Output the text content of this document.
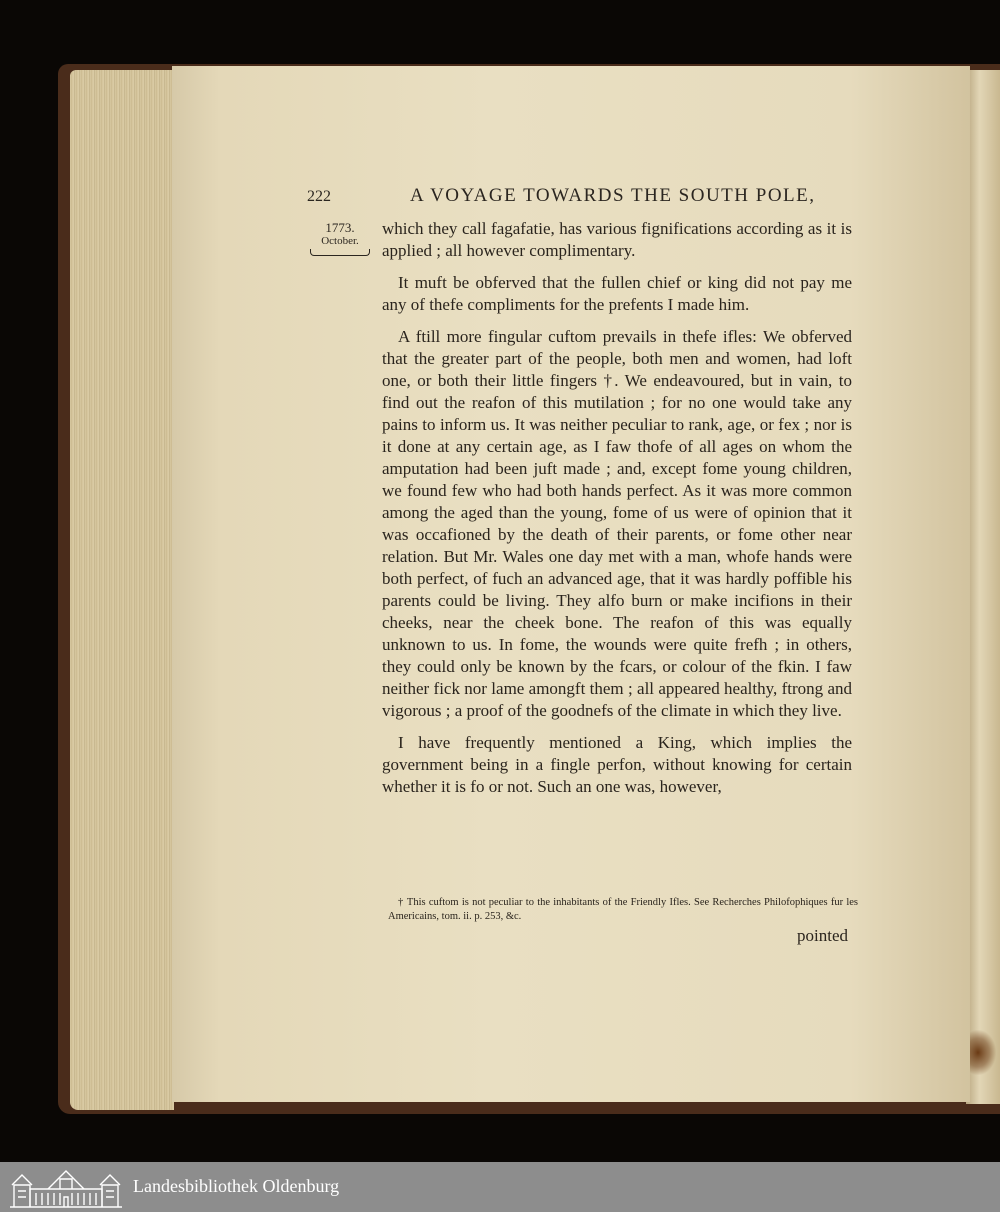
222	A VOYAGE TOWARDS THE SOUTH POLE,
1773.
October.

which they call fagafatie, has various fignifications according as it is applied ; all however complimentary.

It muft be obferved that the fullen chief or king did not pay me any of thefe compliments for the prefents I made him.

A ftill more fingular cuftom prevails in thefe ifles: We obferved that the greater part of the people, both men and women, had loft one, or both their little fingers †. We endeavoured, but in vain, to find out the reafon of this mutilation ; for no one would take any pains to inform us. It was neither peculiar to rank, age, or fex ; nor is it done at any certain age, as I faw thofe of all ages on whom the amputation had been juft made ; and, except fome young children, we found few who had both hands perfect. As it was more common among the aged than the young, fome of us were of opinion that it was occafioned by the death of their parents, or fome other near relation. But Mr. Wales one day met with a man, whofe hands were both perfect, of fuch an advanced age, that it was hardly poffible his parents could be living. They alfo burn or make incifions in their cheeks, near the cheek bone. The reafon of this was equally unknown to us. In fome, the wounds were quite frefh ; in others, they could only be known by the fcars, or colour of the fkin. I faw neither fick nor lame amongft them ; all appeared healthy, ftrong and vigorous ; a proof of the goodnefs of the climate in which they live.

I have frequently mentioned a King, which implies the government being in a fingle perfon, without knowing for certain whether it is fo or not. Such an one was, however,

† This cuftom is not peculiar to the inhabitants of the Friendly Ifles. See Recherches Philofophiques fur les Americains, tom. ii. p. 253, &c.
pointed
Landesbibliothek Oldenburg
